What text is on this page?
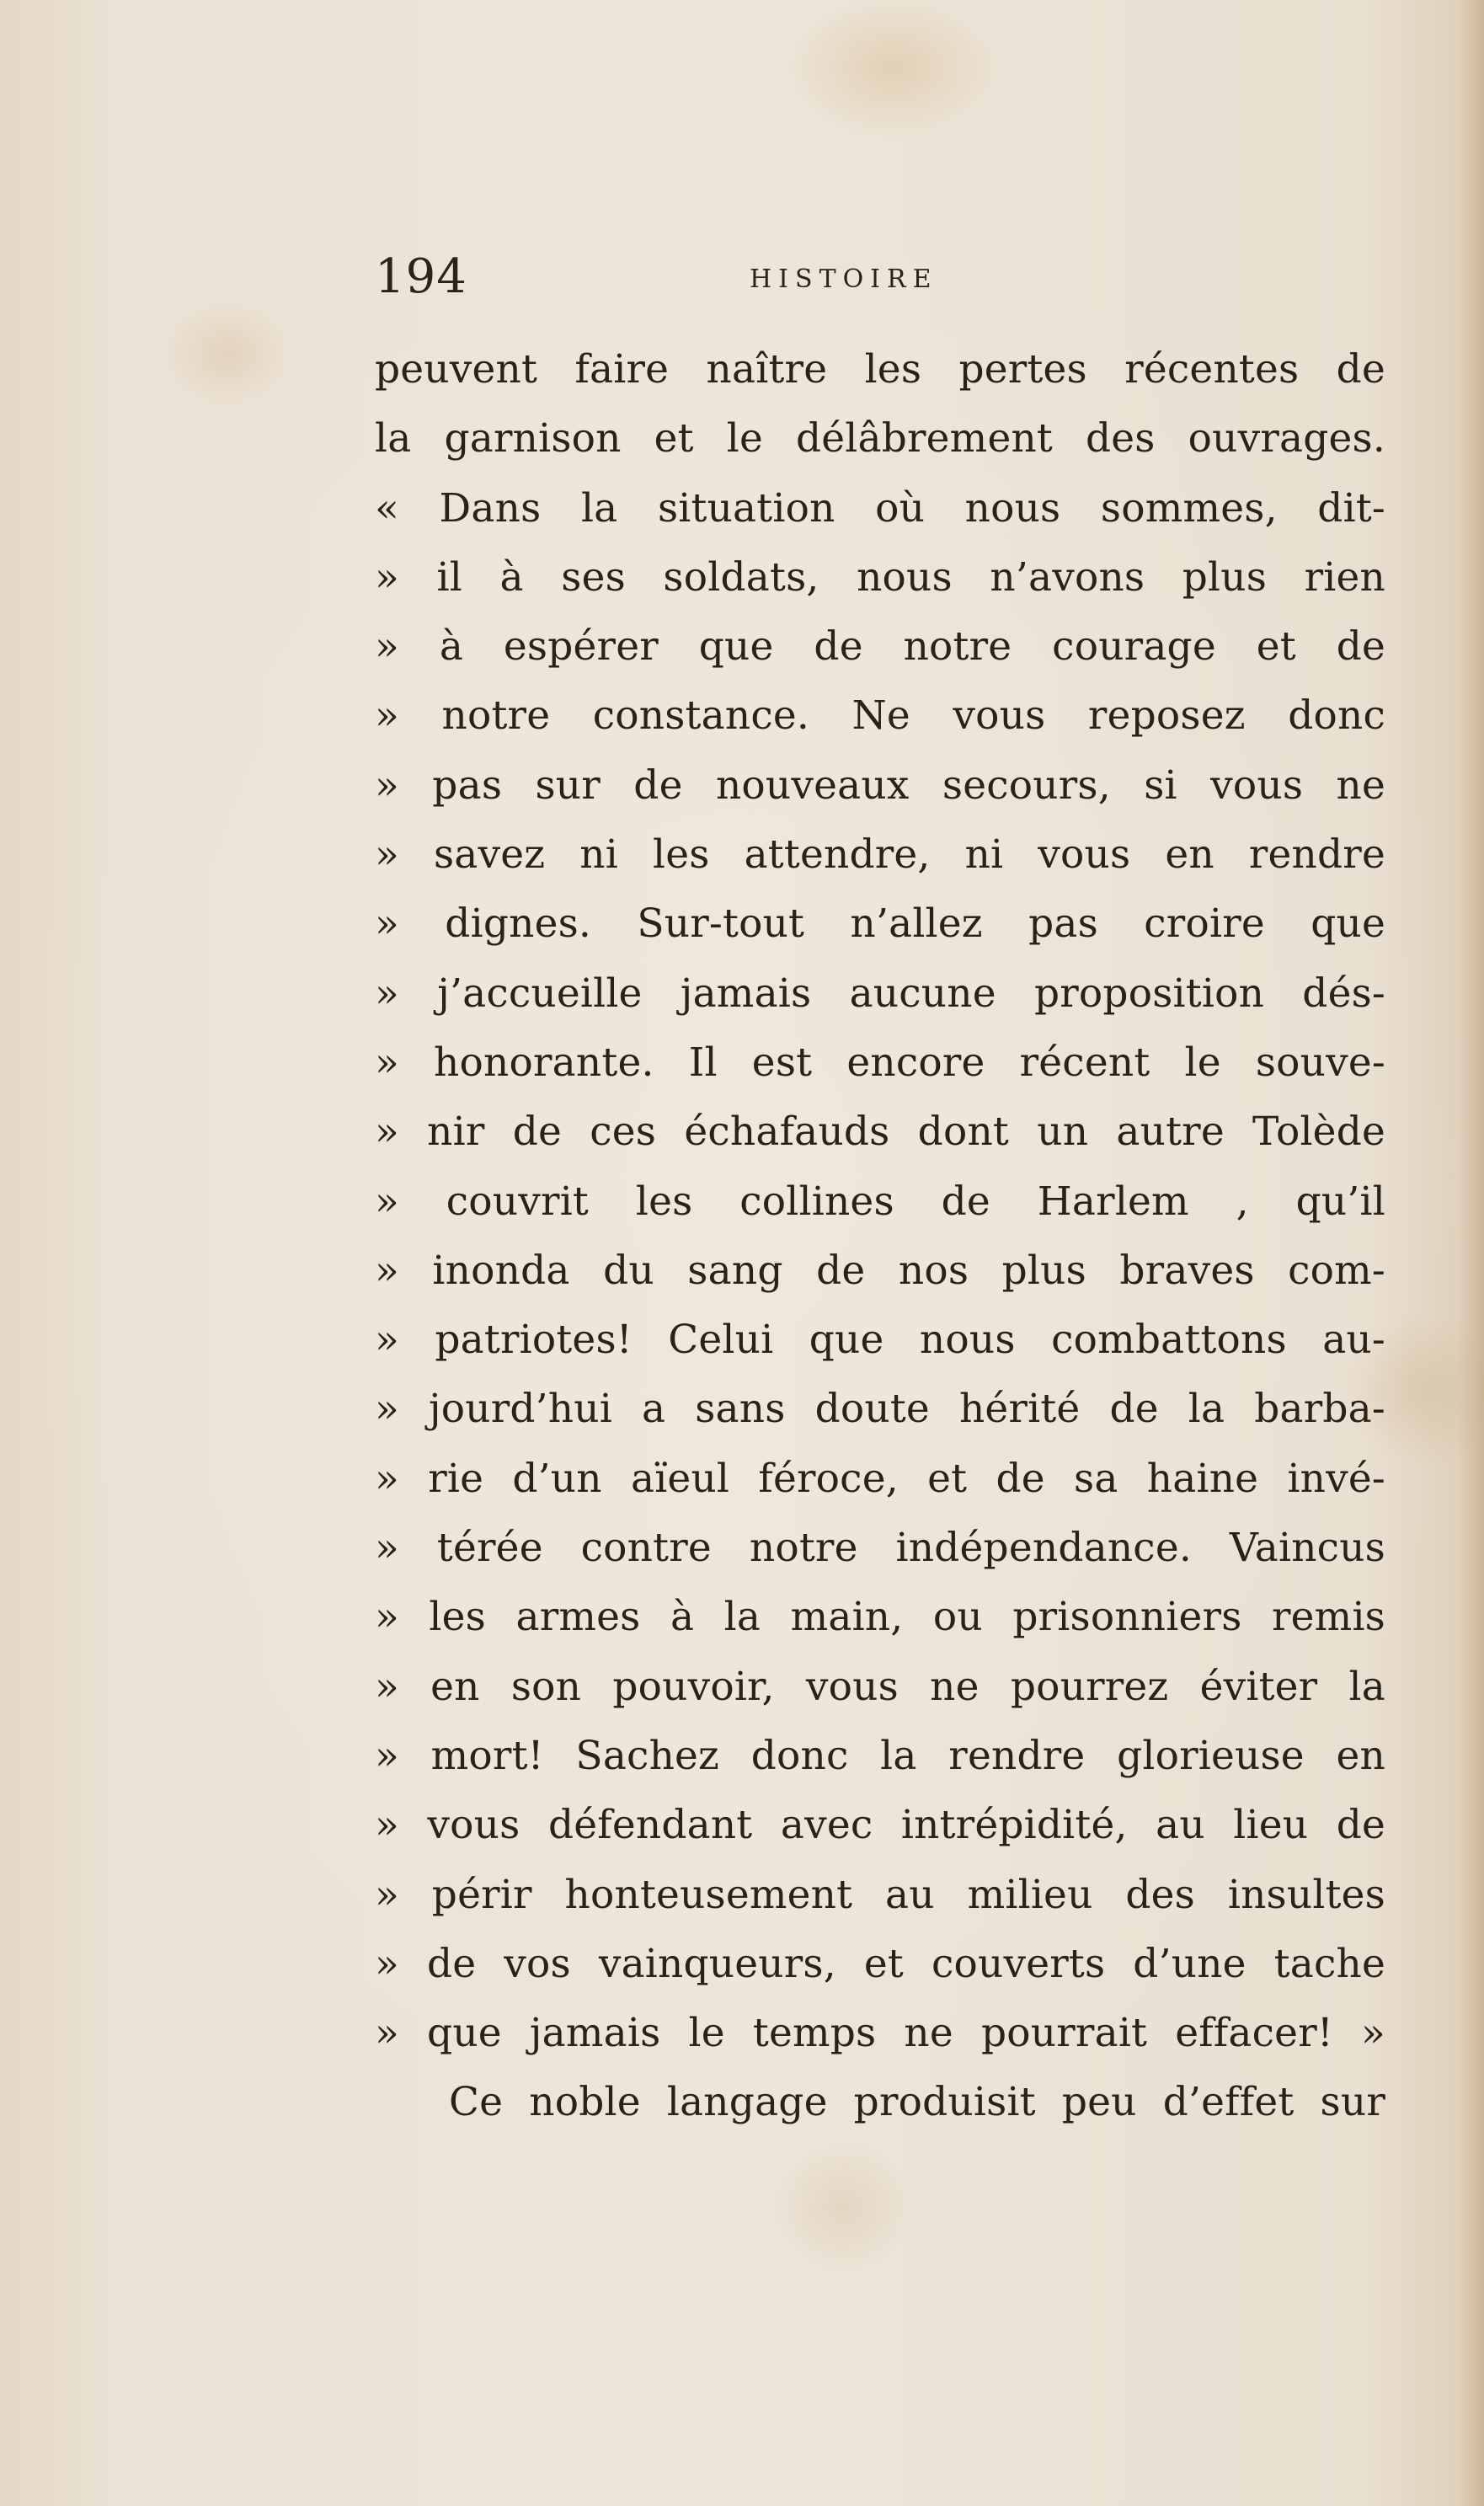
194	HISTOIRE
peuvent faire naître les pertes récentes de
la garnison et le délâbrement des ouvrages.
« Dans la situation où nous sommes, dit-
» il à ses soldats, nous n’avons plus rien
» à espérer que de notre courage et de
» notre constance. Ne vous reposez donc
» pas sur de nouveaux secours, si vous ne
» savez ni les attendre, ni vous en rendre
» dignes. Sur-tout n’allez pas croire que
» j’accueille jamais aucune proposition dés-
» honorante. Il est encore récent le souve-
» nir de ces échafauds dont un autre Tolède
» couvrit les collines de Harlem , qu’il
» inonda du sang de nos plus braves com-
» patriotes! Celui que nous combattons au-
» jourd’hui a sans doute hérité de la barba-
» rie d’un aïeul féroce, et de sa haine invé-
» térée contre notre indépendance. Vaincus
» les armes à la main, ou prisonniers remis
» en son pouvoir, vous ne pourrez éviter la
» mort! Sachez donc la rendre glorieuse en
» vous défendant avec intrépidité, au lieu de
» périr honteusement au milieu des insultes
» de vos vainqueurs, et couverts d’une tache
» que jamais le temps ne pourrait effacer! »
Ce noble langage produisit peu d’effet sur
